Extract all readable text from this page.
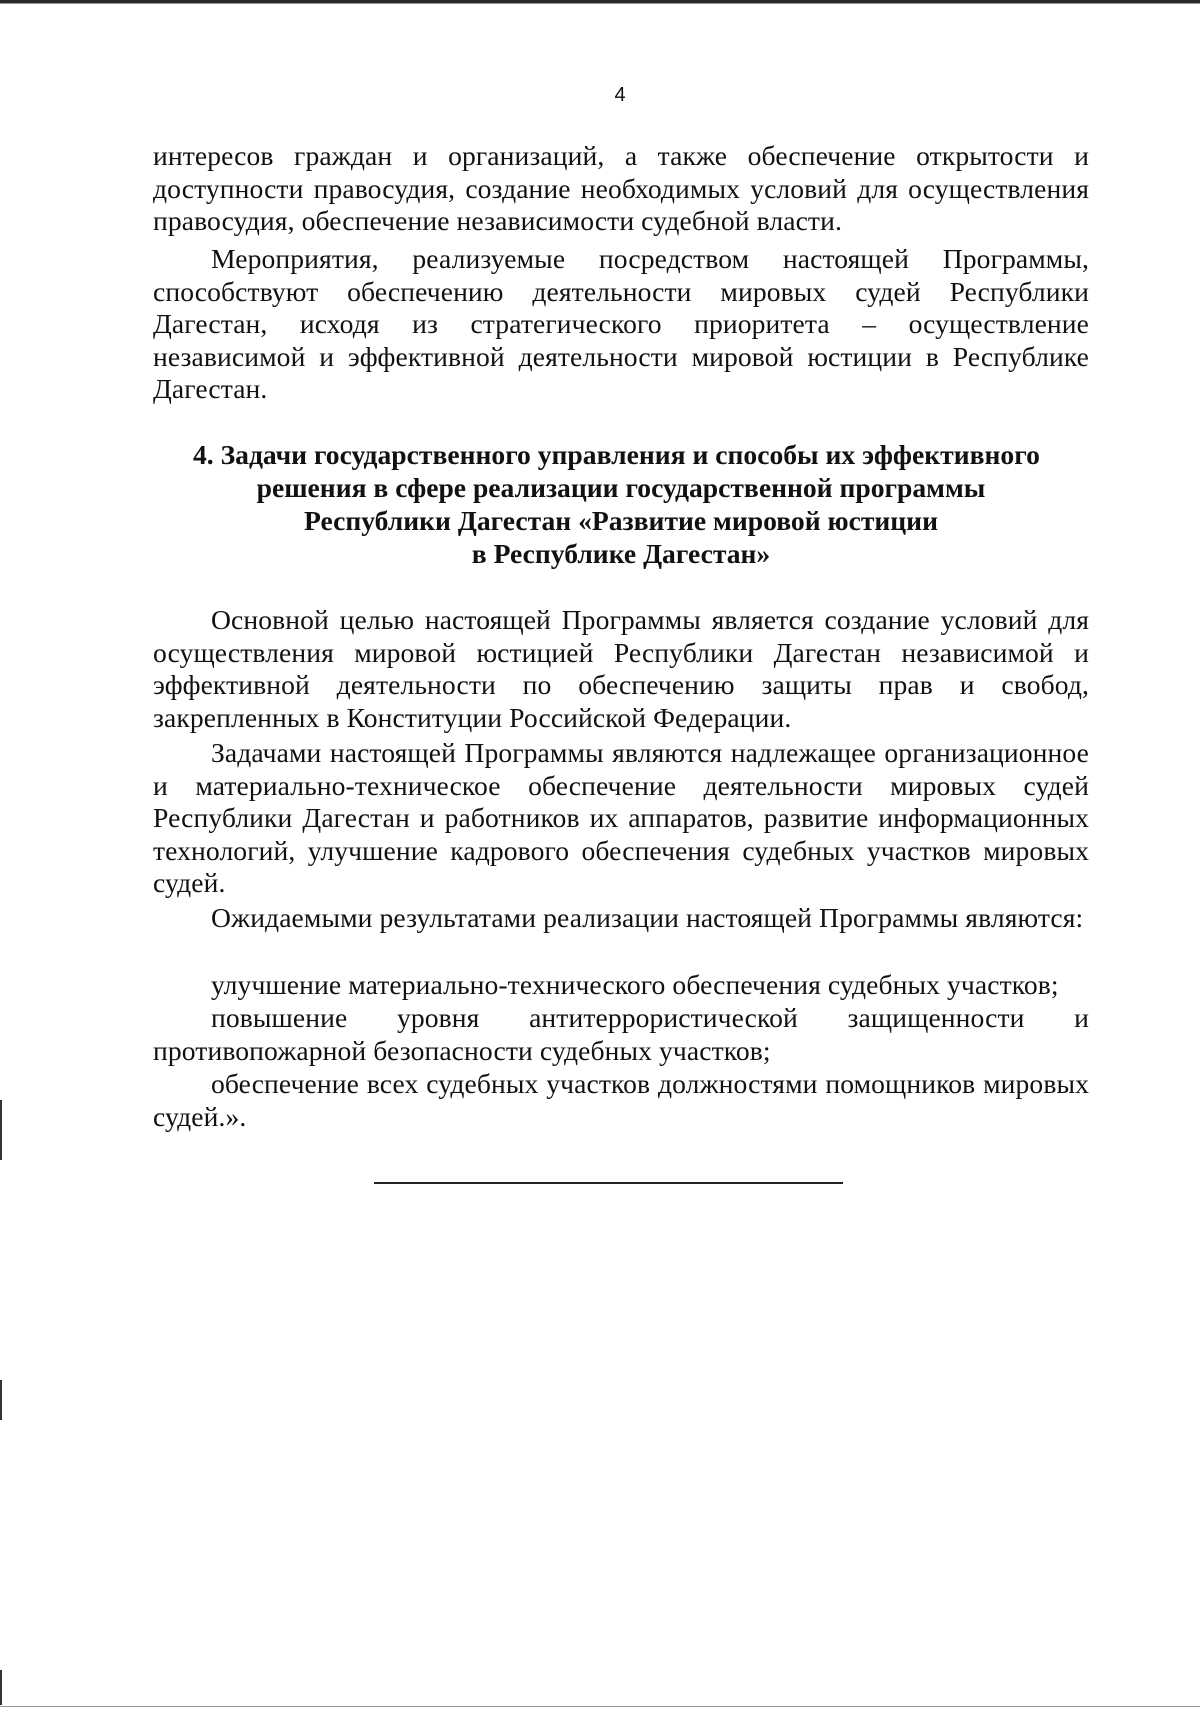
4

интересов граждан и организаций, а также обеспечение открытости и доступности правосудия, создание необходимых условий для осуществления правосудия, обеспечение независимости судебной власти.

Мероприятия, реализуемые посредством настоящей Программы, способствуют обеспечению деятельности мировых судей Республики Дагестан, исходя из стратегического приоритета – осуществление независимой и эффективной деятельности мировой юстиции в Республике Дагестан.

4. Задачи государственного управления и способы их эффективного
решения в сфере реализации государственной программы
Республики Дагестан «Развитие мировой юстиции
в Республике Дагестан»

Основной целью настоящей Программы является создание условий для осуществления мировой юстицией Республики Дагестан независимой и эффективной деятельности по обеспечению защиты прав и свобод, закрепленных в Конституции Российской Федерации.

Задачами настоящей Программы являются надлежащее организационное и материально-техническое обеспечение деятельности мировых судей Республики Дагестан и работников их аппаратов, развитие информационных технологий, улучшение кадрового обеспечения судебных участков мировых судей.

Ожидаемыми результатами реализации настоящей Программы являются:

улучшение материально-технического обеспечения судебных участков;

повышение уровня антитеррористической защищенности и противопожарной безопасности судебных участков;

обеспечение всех судебных участков должностями помощников мировых судей.».
